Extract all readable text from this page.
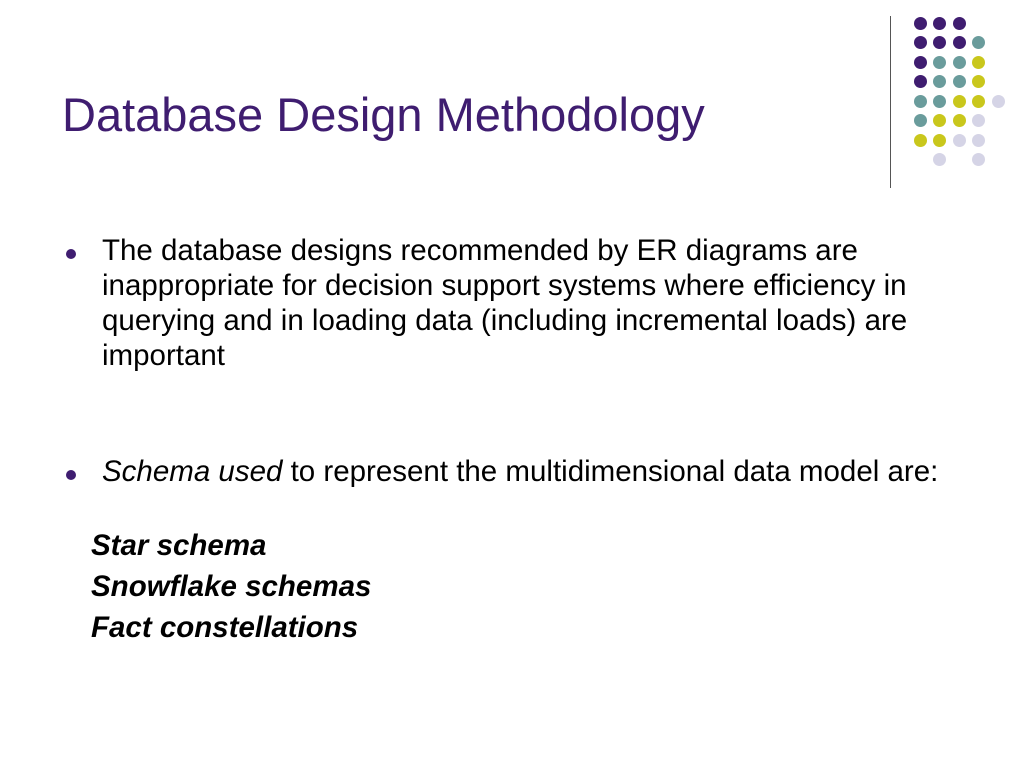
Database Design Methodology

The database designs recommended by ER diagrams are inappropriate for decision support systems where efficiency in querying and in loading data (including incremental loads) are important

Schema used to represent the multidimensional data model are:

Star schema

Snowflake schemas

Fact constellations
